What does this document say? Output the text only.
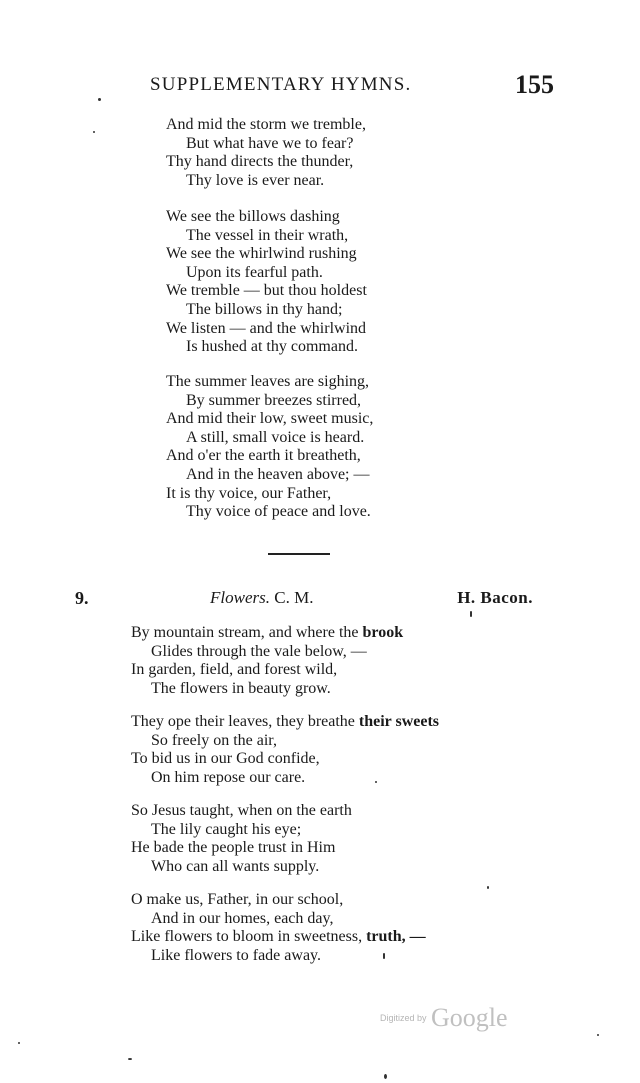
SUPPLEMENTARY HYMNS.	155
And mid the storm we tremble,
But what have we to fear?
Thy hand directs the thunder,
Thy love is ever near.
We see the billows dashing
The vessel in their wrath,
We see the whirlwind rushing
Upon its fearful path.
We tremble — but thou holdest
The billows in thy hand;
We listen — and the whirlwind
Is hushed at thy command.
The summer leaves are sighing,
By summer breezes stirred,
And mid their low, sweet music,
A still, small voice is heard.
And o'er the earth it breatheth,
And in the heaven above; —
It is thy voice, our Father,
Thy voice of peace and love.
9.	Flowers. C. M.	H. Bacon.
By mountain stream, and where the brook
Glides through the vale below, —
In garden, field, and forest wild,
The flowers in beauty grow.
They ope their leaves, they breathe their sweets
So freely on the air,
To bid us in our God confide,
On him repose our care.
So Jesus taught, when on the earth
The lily caught his eye;
He bade the people trust in Him
Who can all wants supply.
O make us, Father, in our school,
And in our homes, each day,
Like flowers to bloom in sweetness, truth, —
Like flowers to fade away.
Digitized by Google
